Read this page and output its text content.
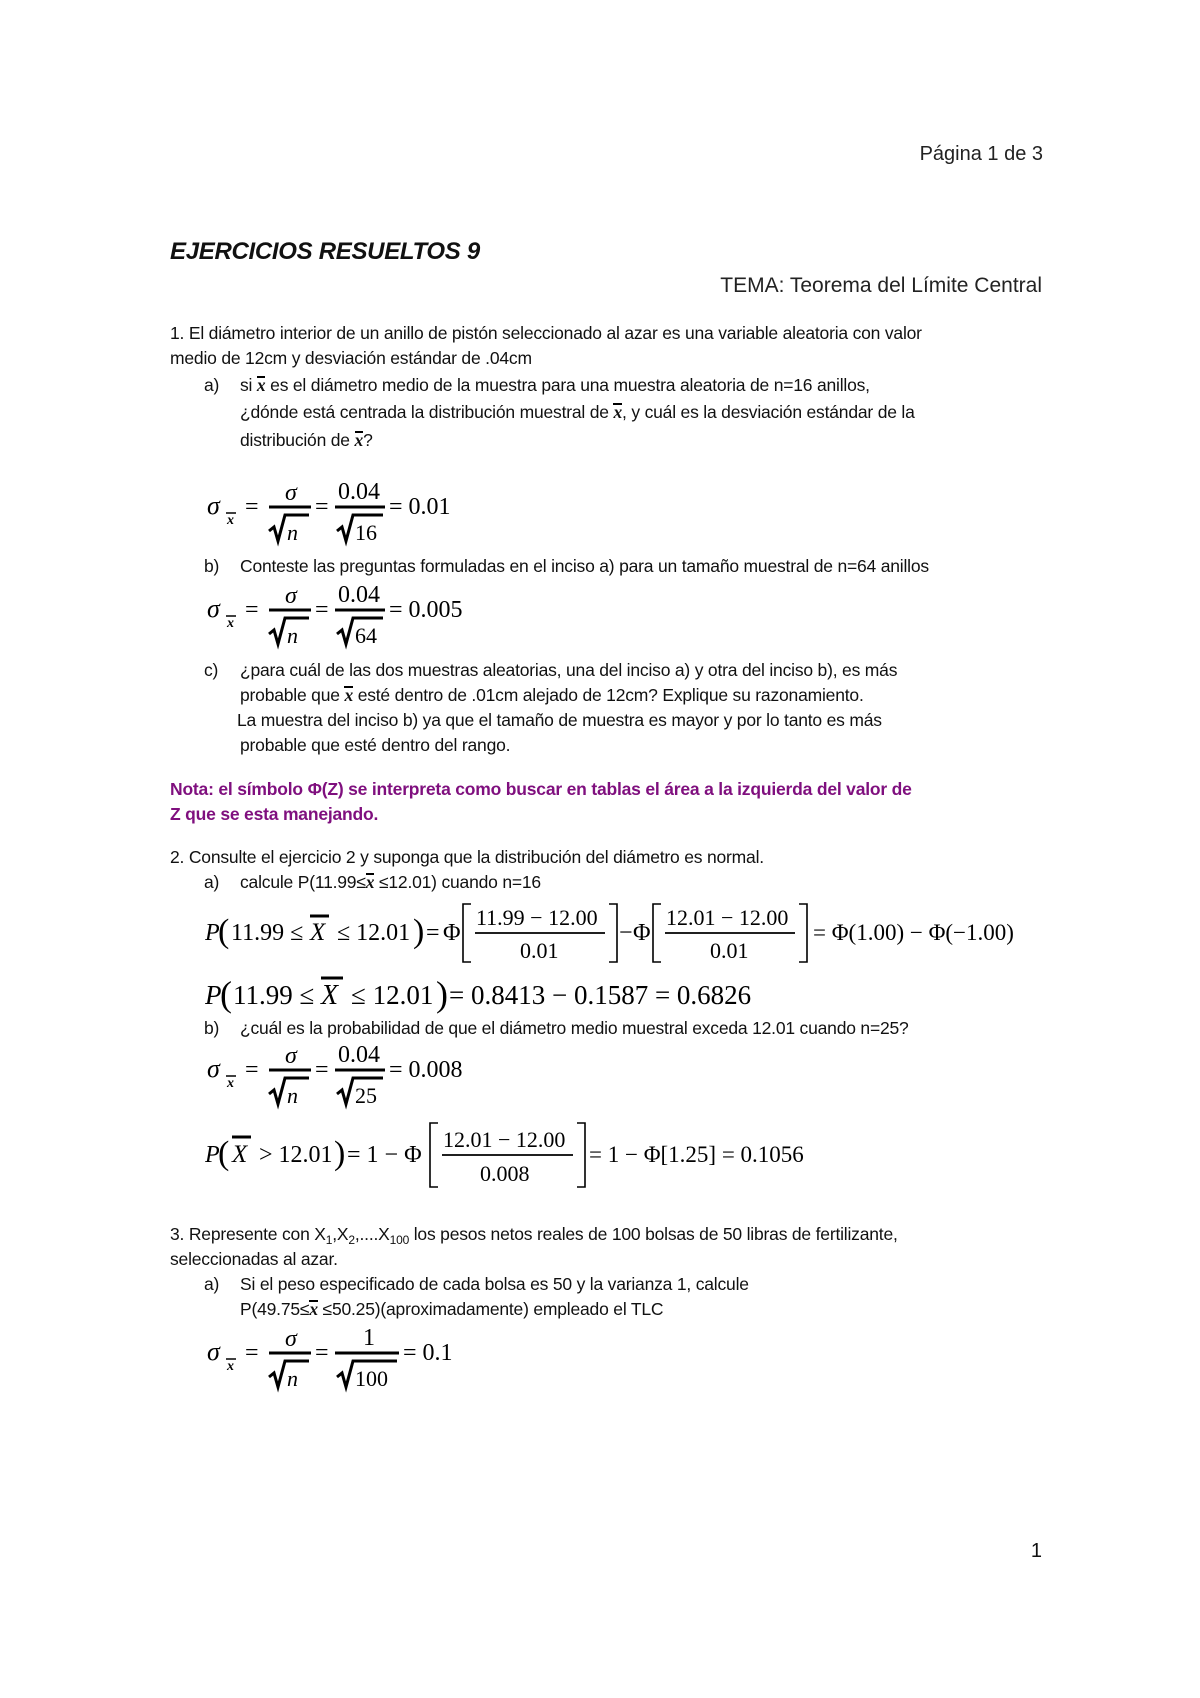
Página 1 de 3
EJERCICIOS RESUELTOS 9
TEMA: Teorema del Límite Central
1. El diámetro interior de un anillo de pistón seleccionado al azar es una variable aleatoria con valor
medio de 12cm y desviación estándar de .04cm
a) si x es el diámetro medio de la muestra para una muestra aleatoria de n=16 anillos,
¿dónde está centrada la distribución muestral de x, y cuál es la desviación estándar de la
distribución de x?
σ
x
=
σ
n
=
0.04
16
= 0.01
b) Conteste las preguntas formuladas en el inciso a) para un tamaño muestral de n=64 anillos
σ
x
=
σ
n
=
0.04
64
= 0.005
c) ¿para cuál de las dos muestras aleatorias, una del inciso a) y otra del inciso b), es más
probable que x esté dentro de .01cm alejado de 12cm? Explique su razonamiento.
La muestra del inciso b) ya que el tamaño de muestra es mayor y por lo tanto es más
probable que esté dentro del rango.
Nota: el símbolo Φ(Z) se interpreta como buscar en tablas el área a la izquierda del valor de
Z que se esta manejando.
2. Consulte el ejercicio 2 y suponga que la distribución del diámetro es normal.
a) calcule P(11.99≤x ≤12.01) cuando n=16
P
( 11.99 ≤ X ≤ 12.01 ) = Φ
11.99 − 12.00
0.01
− Φ
12.01 − 12.00
0.01
= Φ(1.00) − Φ(−1.00)
P
( 11.99 ≤ X ≤ 12.01 ) = 0.8413 − 0.1587 = 0.6826
b) ¿cuál es la probabilidad de que el diámetro medio muestral exceda 12.01 cuando n=25?
σ
x
=
σ
n
=
0.04
25
= 0.008
P
( X > 12.01 ) = 1 − Φ
12.01 − 12.00
0.008
= 1 − Φ[1.25] = 0.1056
3. Represente con $X_1,X_2,....X_{100}$ los pesos netos reales de 100 bolsas de 50 libras de fertilizante,
seleccionadas al azar.
a) Si el peso especificado de cada bolsa es 50 y la varianza 1, calcule
P(49.75≤x ≤50.25)(aproximadamente) empleado el TLC
σ
x
=
σ
n
=
1
100
= 0.1
1
